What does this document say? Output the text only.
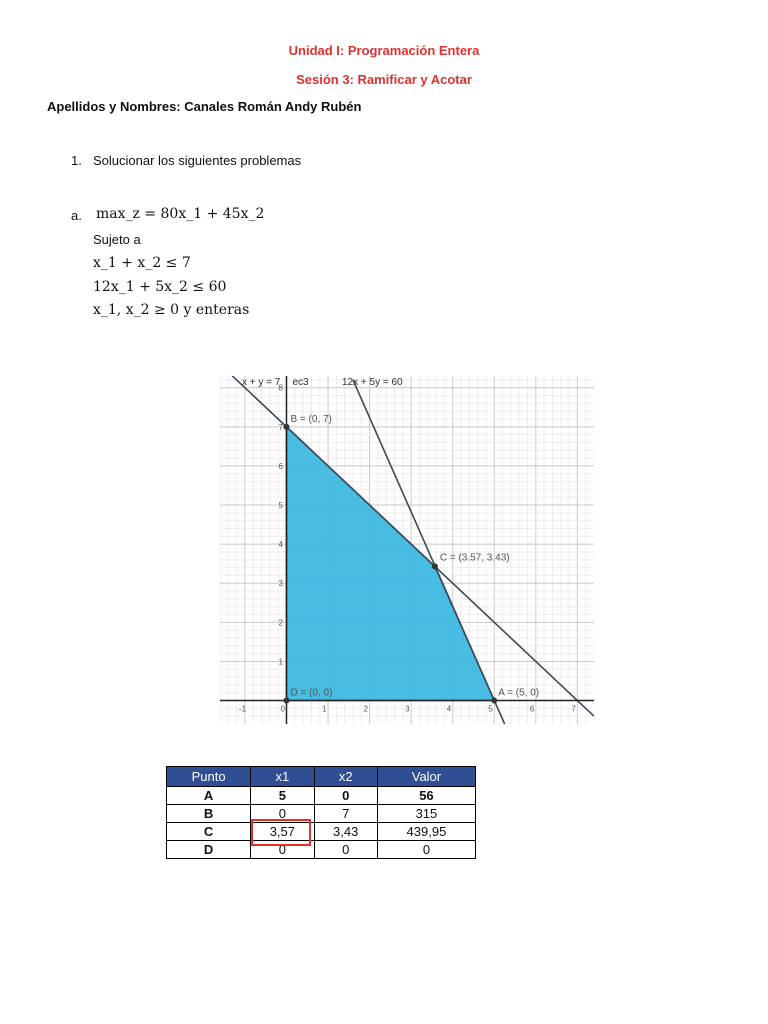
Unidad I: Programación Entera
Sesión 3: Ramificar y Acotar
Apellidos y Nombres: Canales Román Andy Rubén
1. Solucionar los siguientes problemas
a. max_z = 80x_1 + 45x_2
Sujeto a
x_1 + x_2 ≤ 7
12x_1 + 5x_2 ≤ 60
x_1, x_2 ≥ 0 y enteras
-1	0	1	2	3	4	5	6	7
1
2
3
4
5
6
7
8
B = (0, 7)
C = (3.57, 3.43)
D = (0, 0)	A = (5, 0)
x + y = 7 ec3	12x + 5y = 60
Punto	x1	x2	Valor
A	5	0	56
B	0	7	315
C	3,57	3,43	439,95
D	0	0	0
